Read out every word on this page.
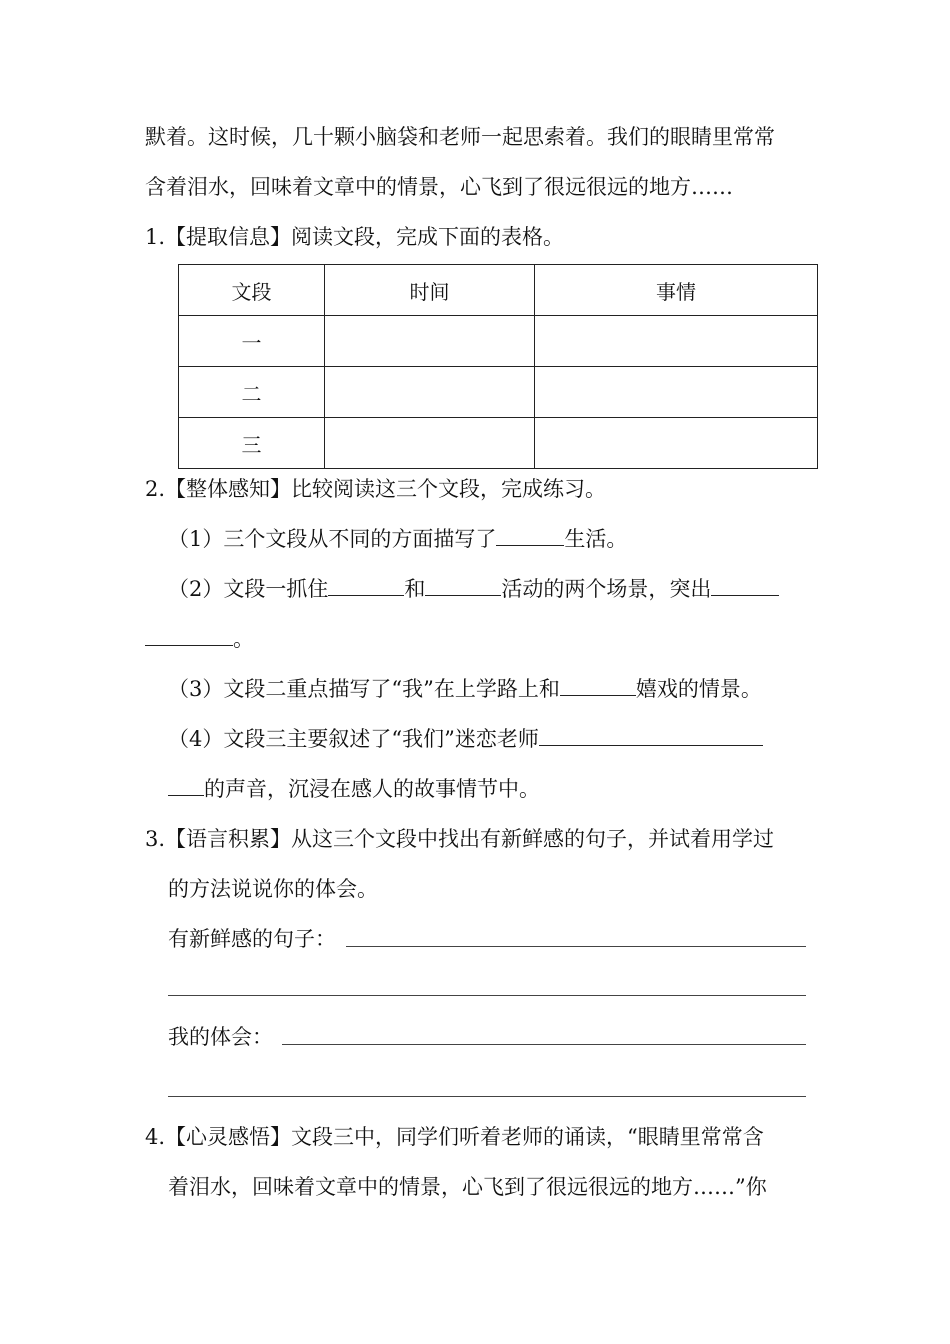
默着。这时候，几十颗小脑袋和老师一起思索着。我们的眼睛里常常
含着泪水，回味着文章中的情景，心飞到了很远很远的地方……
1.【提取信息】阅读文段，完成下面的表格。
文段	时间	事情
一		
二		
三		
2.【整体感知】比较阅读这三个文段，完成练习。
（1）三个文段从不同的方面描写了	生活。
（2）文段一抓住	和	活动的两个场景，突出
。
（3）文段二重点描写了“我”在上学路上和	嬉戏的情景。
（4）文段三主要叙述了“我们”迷恋老师
的声音，沉浸在感人的故事情节中。
3.【语言积累】从这三个文段中找出有新鲜感的句子，并试着用学过
的方法说说你的体会。
有新鲜感的句子：
我的体会：
4.【心灵感悟】文段三中，同学们听着老师的诵读，“眼睛里常常含
着泪水，回味着文章中的情景，心飞到了很远很远的地方……”你
